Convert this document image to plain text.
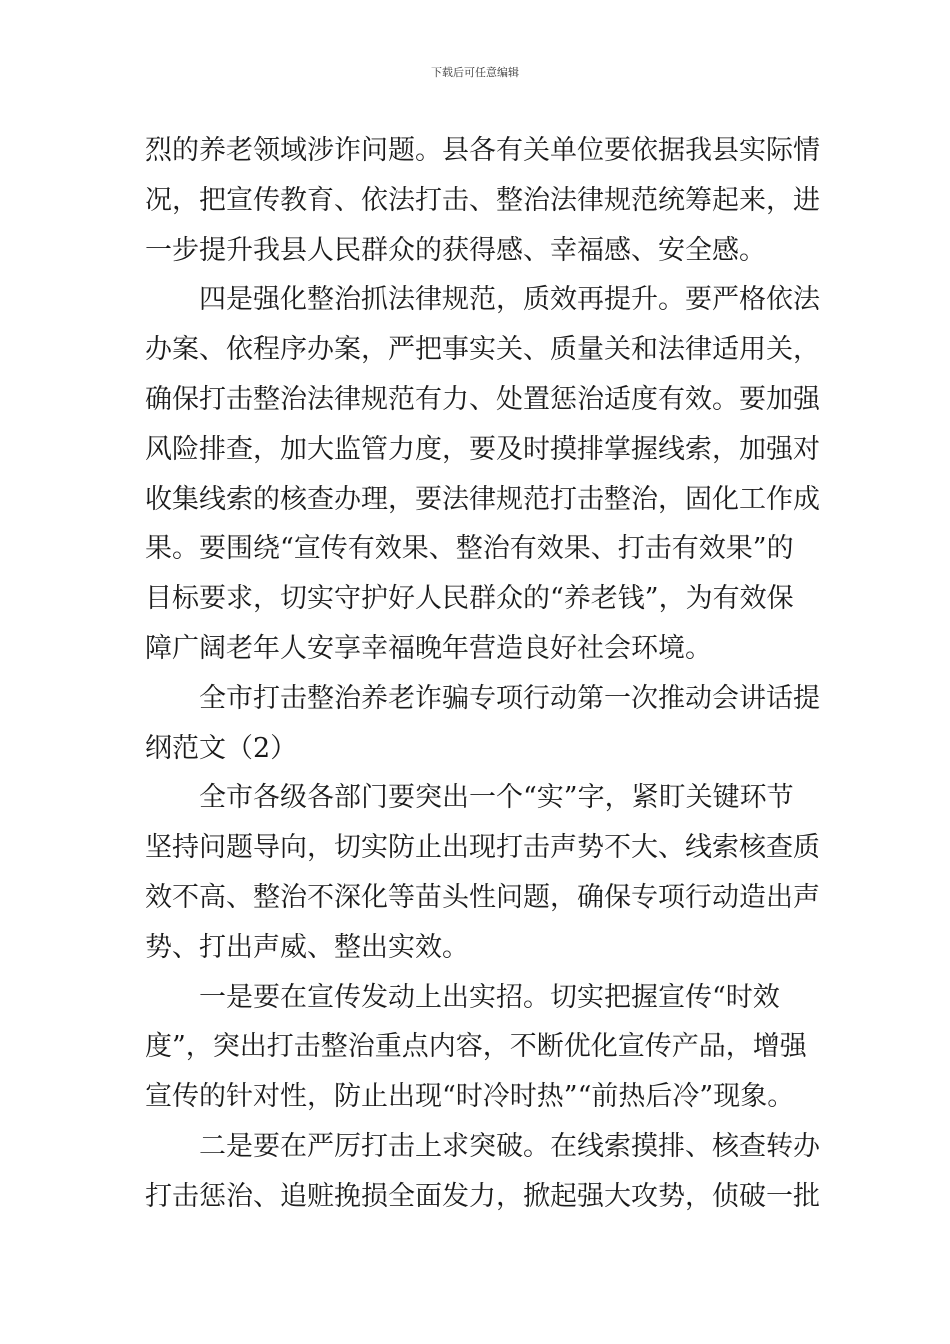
下载后可任意编辑
烈的养老领域涉诈问题。县各有关单位要依据我县实际情
况，把宣传教育、依法打击、整治法律规范统筹起来，进
一步提升我县人民群众的获得感、幸福感、安全感。
四是强化整治抓法律规范，质效再提升。要严格依法
办案、依程序办案，严把事实关、质量关和法律适用关，
确保打击整治法律规范有力、处置惩治适度有效。要加强
风险排查，加大监管力度，要及时摸排掌握线索，加强对
收集线索的核查办理，要法律规范打击整治，固化工作成
果。要围绕“宣传有效果、整治有效果、打击有效果”的
目标要求，切实守护好人民群众的“养老钱”，为有效保
障广阔老年人安享幸福晚年营造良好社会环境。
全市打击整治养老诈骗专项行动第一次推动会讲话提
纲范文（2）
全市各级各部门要突出一个“实”字，紧盯关键环节
坚持问题导向，切实防止出现打击声势不大、线索核查质
效不高、整治不深化等苗头性问题，确保专项行动造出声
势、打出声威、整出实效。
一是要在宣传发动上出实招。切实把握宣传“时效
度”，突出打击整治重点内容，不断优化宣传产品，增强
宣传的针对性，防止出现“时冷时热”“前热后冷”现象。
二是要在严厉打击上求突破。在线索摸排、核查转办
打击惩治、追赃挽损全面发力，掀起强大攻势，侦破一批
